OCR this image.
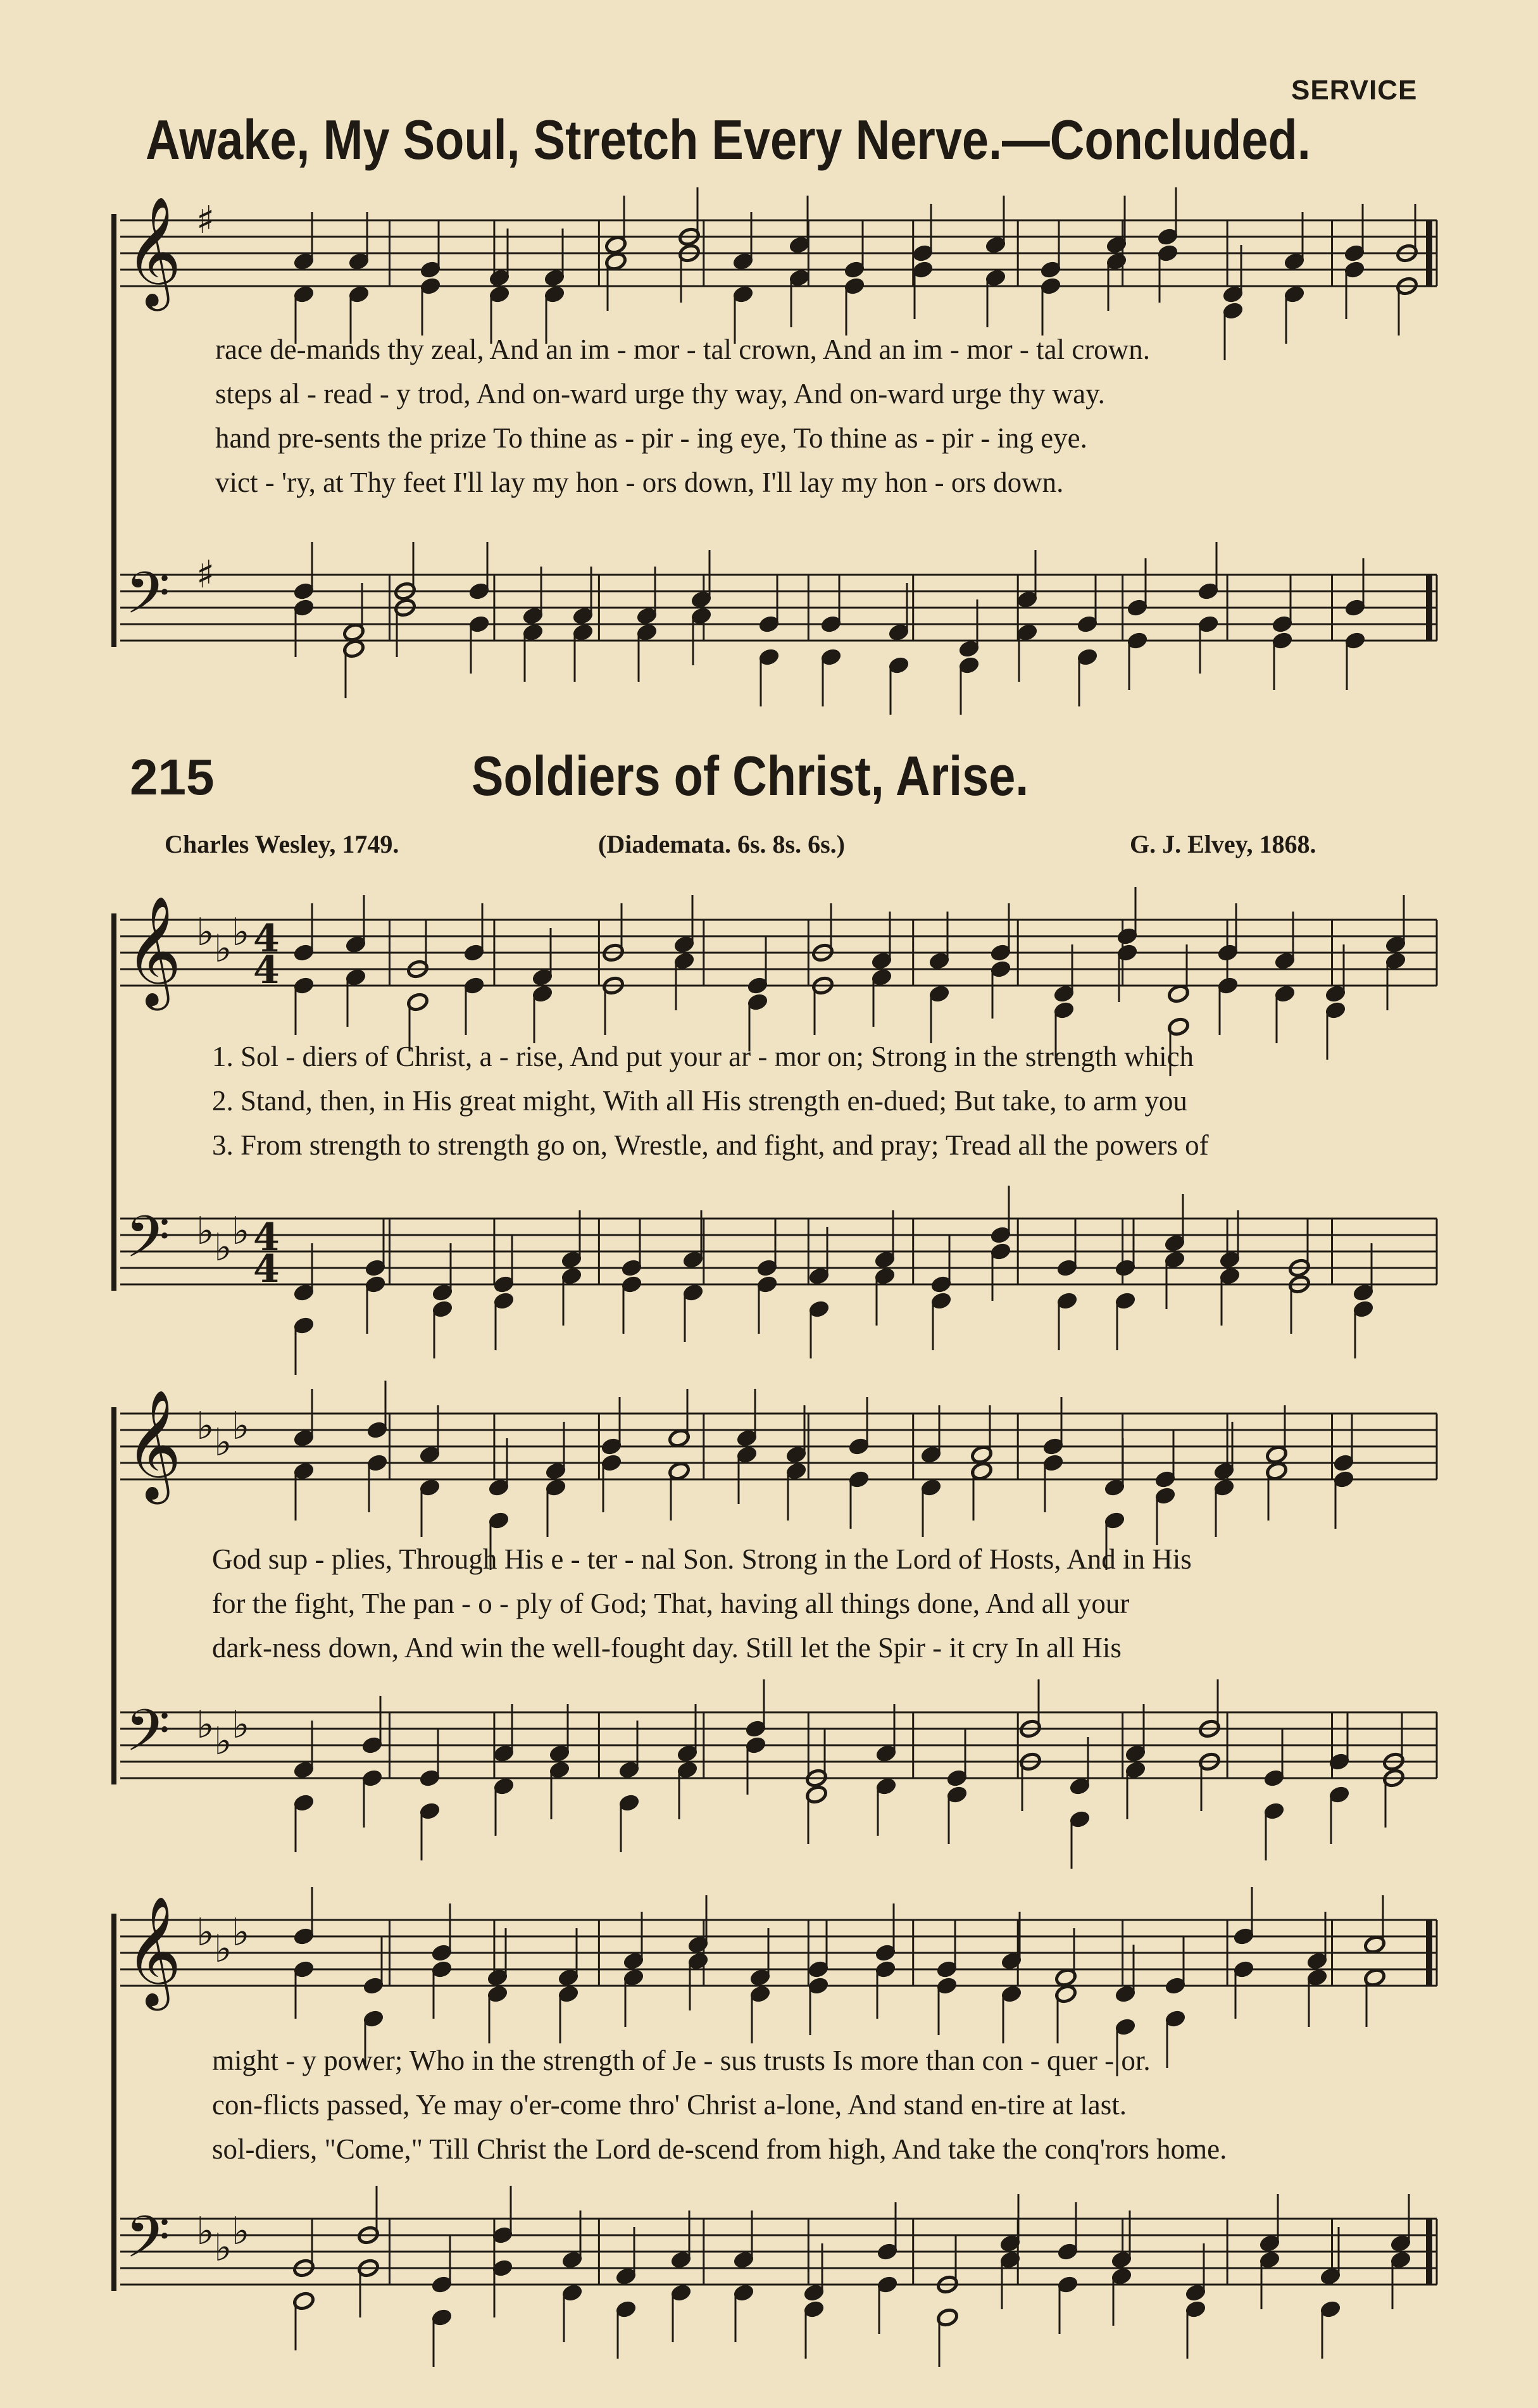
SERVICE
Awake, My Soul, Stretch Every Nerve.—Concluded.
𝄞 ♯
𝄢 ♯
race de-mands thy zeal, And an im - mor - tal crown, And an im - mor - tal crown.
steps al - read - y trod, And on-ward urge thy way, And on-ward urge thy way.
hand pre-sents the prize To thine as - pir - ing eye, To thine as - pir - ing eye.
vict - 'ry, at Thy feet I'll lay my hon - ors down, I'll lay my hon - ors down.
215	Soldiers of Christ, Arise.
Charles Wesley, 1749.	(Diademata. 6s. 8s. 6s.)	G. J. Elvey, 1868.
𝄞 ♭ ♭ ♭ 4
4
𝄢 ♭ ♭ ♭ 4
4
1. Sol - diers of Christ, a - rise, And put your ar - mor on; Strong in the strength which
2. Stand, then, in His great might, With all His strength en-dued; But take, to arm you
3. From strength to strength go on, Wrestle, and fight, and pray; Tread all the powers of
𝄞 ♭ ♭ ♭
𝄢 ♭ ♭ ♭
God sup - plies, Through His e - ter - nal Son. Strong in the Lord of Hosts, And in His
for the fight, The pan - o - ply of God; That, having all things done, And all your
dark-ness down, And win the well-fought day. Still let the Spir - it cry In all His
𝄞 ♭ ♭ ♭
𝄢 ♭ ♭ ♭
might - y power; Who in the strength of Je - sus trusts Is more than con - quer - or.
con-flicts passed, Ye may o'er-come thro' Christ a-lone, And stand en-tire at last.
sol-diers, "Come," Till Christ the Lord de-scend from high, And take the conq'rors home.
